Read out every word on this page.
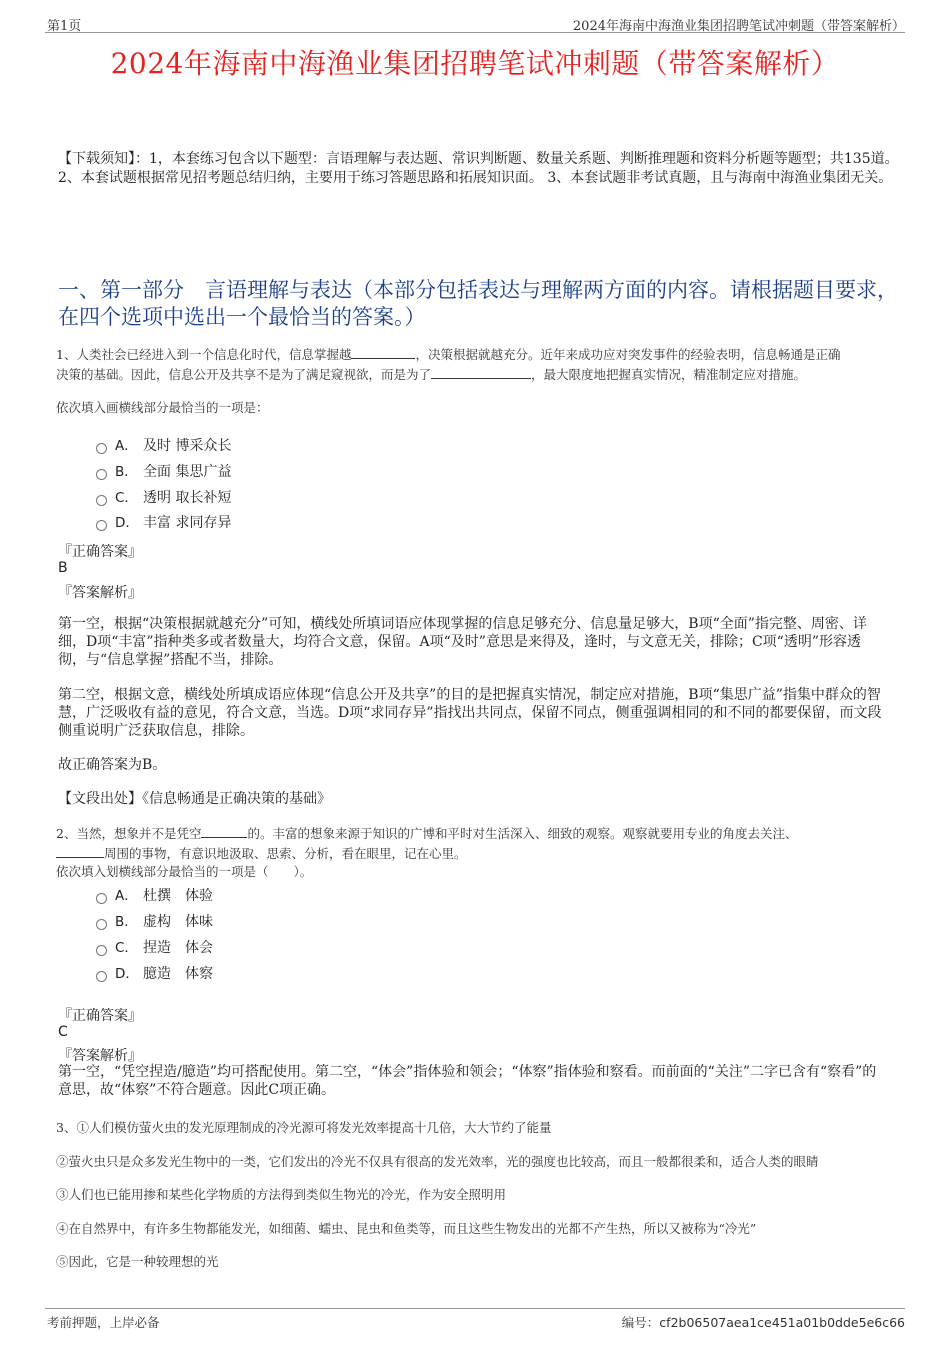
第1页	2024年海南中海渔业集团招聘笔试冲刺题（带答案解析）
2024年海南中海渔业集团招聘笔试冲刺题（带答案解析）
【下载须知】：1，本套练习包含以下题型：言语理解与表达题、常识判断题、数量关系题、判断推理题和资料分析题等题型；共135道。 2、本套试题根据常见招考题总结归纳，主要用于练习答题思路和拓展知识面。 3、本套试题非考试真题，且与海南中海渔业集团无关。
一、第一部分　言语理解与表达（本部分包括表达与理解两方面的内容。请根据题目要求，在四个选项中选出一个最恰当的答案。）
1、人类社会已经进入到一个信息化时代，信息掌握越	，决策根据就越充分。近年来成功应对突发事件的经验表明，信息畅通是正确
决策的基础。因此，信息公开及共享不是为了满足窥视欲，而是为了	，最大限度地把握真实情况，精准制定应对措施。
依次填入画横线部分最恰当的一项是：
A． 及时 博采众长
B． 全面 集思广益
C． 透明 取长补短
D． 丰富 求同存异
『正确答案』
B
『答案解析』
第一空，根据“决策根据就越充分”可知，横线处所填词语应体现掌握的信息足够充分、信息量足够大，B项“全面”指完整、周密、详细，D项“丰富”指种类多或者数量大，均符合文意，保留。A项“及时”意思是来得及，逢时，与文意无关，排除；C项“透明”形容透彻，与“信息掌握”搭配不当，排除。
第二空，根据文意，横线处所填成语应体现“信息公开及共享”的目的是把握真实情况，制定应对措施，B项“集思广益”指集中群众的智慧，广泛吸收有益的意见，符合文意，当选。D项“求同存异”指找出共同点，保留不同点，侧重强调相同的和不同的都要保留，而文段侧重说明广泛获取信息，排除。
故正确答案为B。
【文段出处】《信息畅通是正确决策的基础》
2、当然，想象并不是凭空	的。丰富的想象来源于知识的广博和平时对生活深入、细致的观察。观察就要用专业的角度去关注、
周围的事物，有意识地汲取、思索、分析，看在眼里，记在心里。
依次填入划横线部分最恰当的一项是（　　）。
A． 杜撰　体验
B． 虚构　体味
C． 捏造　体会
D． 臆造　体察
『正确答案』
C
『答案解析』
第一空，“凭空捏造/臆造”均可搭配使用。第二空，“体会”指体验和领会；“体察”指体验和察看。而前面的“关注”二字已含有“察看”的意思，故“体察”不符合题意。因此C项正确。
3、①人们模仿萤火虫的发光原理制成的冷光源可将发光效率提高十几倍，大大节约了能量
②萤火虫只是众多发光生物中的一类，它们发出的冷光不仅具有很高的发光效率，光的强度也比较高，而且一般都很柔和，适合人类的眼睛
③人们也已能用掺和某些化学物质的方法得到类似生物光的冷光，作为安全照明用
④在自然界中，有许多生物都能发光，如细菌、蠕虫、昆虫和鱼类等，而且这些生物发出的光都不产生热，所以又被称为“冷光”
⑤因此，它是一种较理想的光
考前押题，上岸必备	编号：cf2b06507aea1ce451a01b0dde5e6c66
